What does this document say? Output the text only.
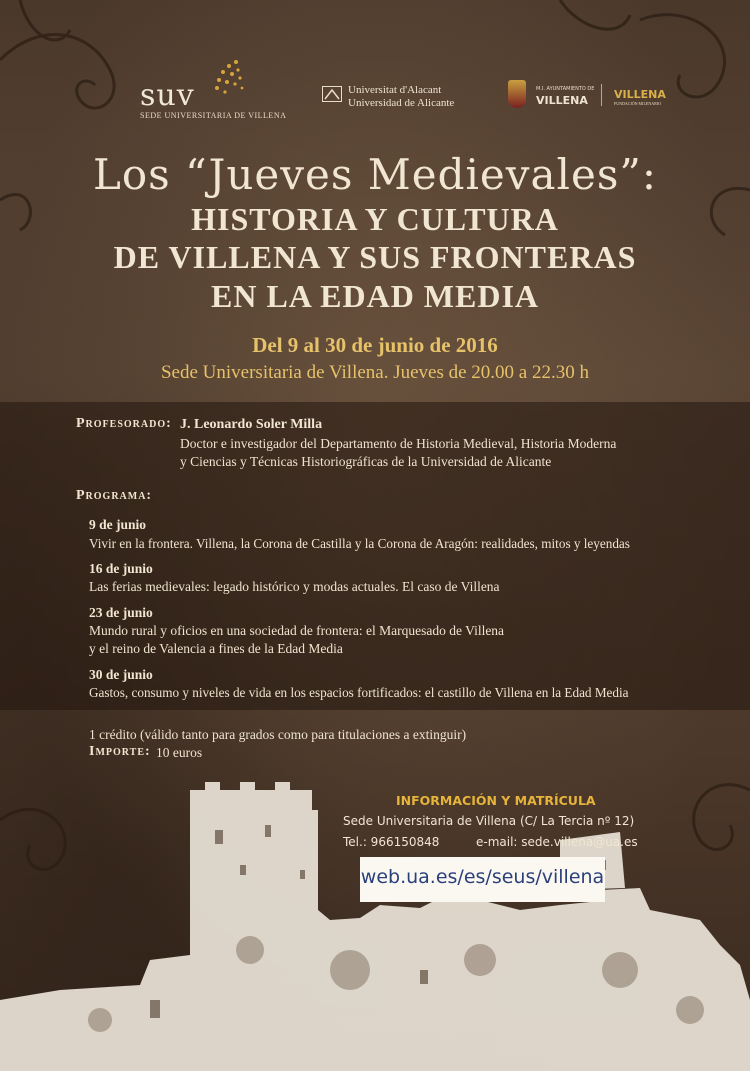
suv
SEDE UNIVERSITARIA DE VILLENA
Universitat d'Alacant
Universidad de Alicante
M.I. AYUNTAMIENTO DE
VILLENA VILLENA
FUNDACIÓN MILENARIO
Los “Jueves Medievales”:
HISTORIA Y CULTURA
DE VILLENA Y SUS FRONTERAS
EN LA EDAD MEDIA
Del 9 al 30 de junio de 2016
Sede Universitaria de Villena. Jueves de 20.00 a 22.30 h
Profesorado: J. Leonardo Soler Milla
Doctor e investigador del Departamento de Historia Medieval, Historia Moderna
y Ciencias y Técnicas Historiográficas de la Universidad de Alicante
Programa:
9 de junio
Vivir en la frontera. Villena, la Corona de Castilla y la Corona de Aragón: realidades, mitos y leyendas
16 de junio
Las ferias medievales: legado histórico y modas actuales. El caso de Villena
23 de junio
Mundo rural y oficios en una sociedad de frontera: el Marquesado de Villena
y el reino de Valencia a fines de la Edad Media
30 de junio
Gastos, consumo y niveles de vida en los espacios fortificados: el castillo de Villena en la Edad Media
1 crédito (válido tanto para grados como para titulaciones a extinguir)
Importe: 10 euros
INFORMACIÓN Y MATRÍCULA
Sede Universitaria de Villena (C/ La Tercia nº 12)
Tel.: 966150848	e-mail: sede.villena@ua.es
web.ua.es/es/seus/villena
